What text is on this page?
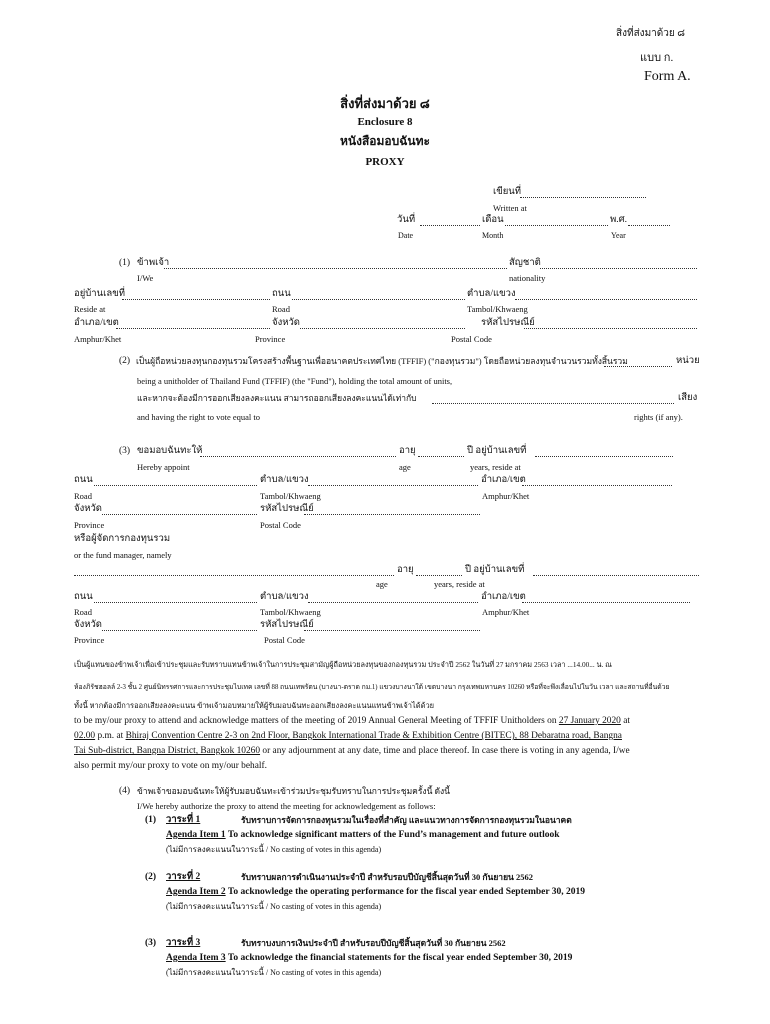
สิ่งที่ส่งมาด้วย ๘
แบบ ก.
Form A.
สิ่งที่ส่งมาด้วย ๘
Enclosure 8
หนังสือมอบฉันทะ
PROXY
เขียนที่
Written at
วันที่	เดือน	พ.ศ.
Date	Month	Year
(1) ข้าพเจ้า	สัญชาติ
I/We	nationality
อยู่บ้านเลขที่	ถนน	ตำบล/แขวง
Reside at	Road	Tambol/Khwaeng
อำเภอ/เขต	จังหวัด	รหัสไปรษณีย์
Amphur/Khet	Province	Postal Code
(2) เป็นผู้ถือหน่วยลงทุนกองทุนรวมโครงสร้างพื้นฐานเพื่ออนาคตประเทศไทย (TFFIF) ("กองทุนรวม") โดยถือหน่วยลงทุนจำนวนรวมทั้งสิ้นรวม	หน่วย
being a unitholder of Thailand Fund (TFFIF) (the "Fund"), holding the total amount of units,
และหากจะต้องมีการออกเสียงลงคะแนน สามารถออกเสียงลงคะแนนได้เท่ากับ	เสียง
and having the right to vote equal to	rights (if any).
(3) ขอมอบฉันทะให้	อายุ	ปี อยู่บ้านเลขที่
Hereby appoint	age	years, reside at
ถนน	ตำบล/แขวง	อำเภอ/เขต
Road	Tambol/Khwaeng	Amphur/Khet
จังหวัด	รหัสไปรษณีย์
Province	Postal Code
หรือผู้จัดการกองทุนรวม
or the fund manager, namely
อายุ	ปี อยู่บ้านเลขที่
age	years, reside at
ถนน	ตำบล/แขวง	อำเภอ/เขต
Road	Tambol/Khwaeng	Amphur/Khet
จังหวัด	รหัสไปรษณีย์
Province	Postal Code
เป็นผู้แทนของข้าพเจ้าเพื่อเข้าประชุมและรับทราบแทนข้าพเจ้าในการประชุมสามัญผู้ถือหน่วยลงทุนของกองทุนรวม ประจำปี 2562 ในวันที่ 27 มกราคม 2563 เวลา ...14.00... น. ณ
ห้องภิรัชฮอลล์ 2-3 ชั้น 2 ศูนย์นิทรรศการและการประชุมไบเทค เลขที่ 88 ถนนเทพรัตน (บางนา-ตราด กม.1) แขวงบางนาใต้ เขตบางนา กรุงเทพมหานคร 10260 หรือที่จะพึงเลื่อนไปในวัน เวลา และสถานที่อื่นด้วย
ทั้งนี้ หากต้องมีการออกเสียงลงคะแนน ข้าพเจ้ามอบหมายให้ผู้รับมอบฉันทะออกเสียงลงคะแนนแทนข้าพเจ้าได้ด้วย
to be my/our proxy to attend and acknowledge matters of the meeting of 2019 Annual General Meeting of TFFIF Unitholders on 27 January 2020 at
02.00 p.m. at Bhiraj Convention Centre 2-3 on 2nd Floor, Bangkok International Trade & Exhibition Centre (BITEC), 88 Debaratna road, Bangna
Tai Sub-district, Bangna District, Bangkok 10260 or any adjournment at any date, time and place thereof. In case there is voting in any agenda, I/we
also permit my/our proxy to vote on my/our behalf.
(4) ข้าพเจ้าขอมอบฉันทะให้ผู้รับมอบฉันทะเข้าร่วมประชุมรับทราบในการประชุมครั้งนี้ ดังนี้
I/We hereby authorize the proxy to attend the meeting for acknowledgement as follows:
(1) วาระที่ 1	รับทราบการจัดการกองทุนรวมในเรื่องที่สำคัญ และแนวทางการจัดการกองทุนรวมในอนาคต
Agenda Item 1 To acknowledge significant matters of the Fund’s management and future outlook
(ไม่มีการลงคะแนนในวาระนี้ / No casting of votes in this agenda)
(2) วาระที่ 2	รับทราบผลการดำเนินงานประจำปี สำหรับรอบปีบัญชีสิ้นสุดวันที่ 30 กันยายน 2562
Agenda Item 2 To acknowledge the operating performance for the fiscal year ended September 30, 2019
(ไม่มีการลงคะแนนในวาระนี้ / No casting of votes in this agenda)
(3) วาระที่ 3	รับทราบงบการเงินประจำปี สำหรับรอบปีบัญชีสิ้นสุดวันที่ 30 กันยายน 2562
Agenda Item 3 To acknowledge the financial statements for the fiscal year ended September 30, 2019
(ไม่มีการลงคะแนนในวาระนี้ / No casting of votes in this agenda)
